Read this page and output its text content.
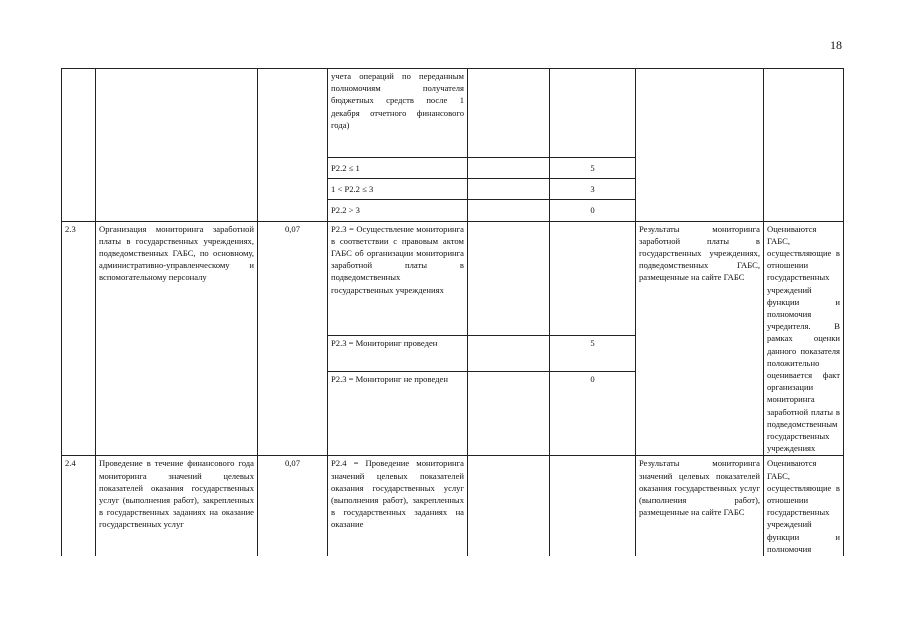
18
			учета операций по переданным полномочиям получателя бюджетных средств после 1 декабря отчетного финансового года)				
			P2.2 ≤ 1		5		
			1 < P2.2 ≤ 3		3		
			P2.2 > 3		0		
2.3	Организация мониторинга заработной платы в государственных учреждениях, подведомственных ГАБС, по основному, административно-управленческому и вспомогательному персоналу	0,07	P2.3 = Осуществление мониторинга в соответствии с правовым актом ГАБС об организации мониторинга заработной платы в подведомственных государственных учреждениях			Результаты мониторинга заработной платы в государственных учреждениях, подведомственных ГАБС, размещенные на сайте ГАБС	Оцениваются ГАБС, осуществляющие в отношении государственных учреждений функции и полномочия учредителя. В рамках оценки данного показателя положительно оценивается факт организации мониторинга заработной платы в подведомственным государственных учреждениях
			P2.3 = Мониторинг проведен		5		
			P2.3 = Мониторинг не проведен		0		
2.4	Проведение в течение финансового года мониторинга значений целевых показателей оказания государственных услуг (выполнения работ), закрепленных в государственных заданиях на оказание государственных услуг	0,07	P2.4 = Проведение мониторинга значений целевых показателей оказания государственных услуг (выполнения работ), закрепленных в государственных заданиях на оказание			Результаты мониторинга значений целевых показателей оказания государственных услуг (выполнения работ), размещенные на сайте ГАБС	Оцениваются ГАБС, осуществляющие в отношении государственных учреждений функции и полномочия
